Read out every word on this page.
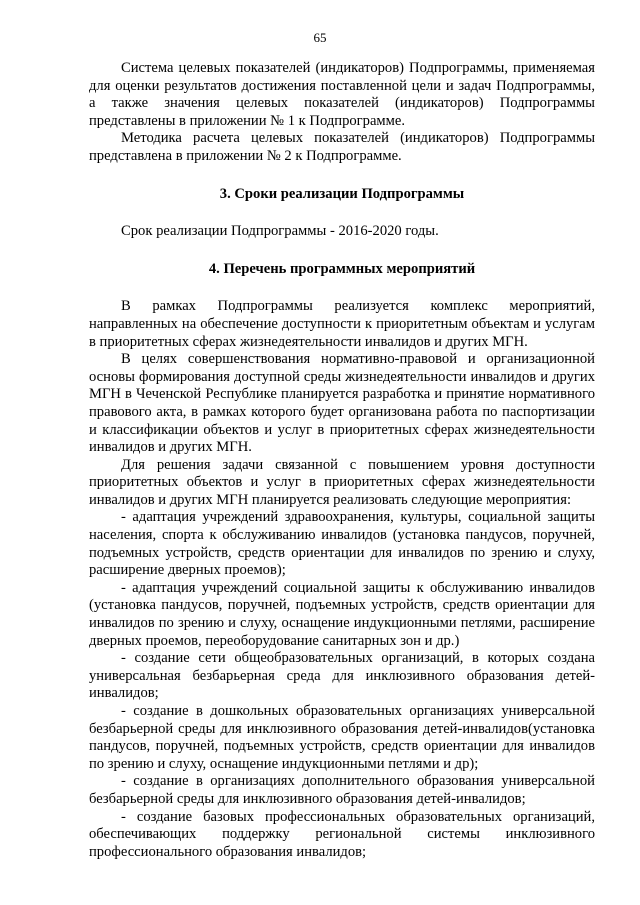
65

Система целевых показателей (индикаторов) Подпрограммы, применяемая для оценки результатов достижения поставленной цели и задач Подпрограммы, а также значения целевых показателей (индикаторов) Подпрограммы представлены в приложении № 1 к Подпрограмме.

Методика расчета целевых показателей (индикаторов) Подпрограммы представлена в приложении № 2 к Подпрограмме.

3. Сроки реализации Подпрограммы

Срок реализации Подпрограммы - 2016-2020 годы.

4. Перечень программных мероприятий

В рамках Подпрограммы реализуется комплекс мероприятий, направленных на обеспечение доступности к приоритетным объектам и услугам в приоритетных сферах жизнедеятельности инвалидов и других МГН.

В целях совершенствования нормативно-правовой и организационной основы формирования доступной среды жизнедеятельности инвалидов и других МГН в Чеченской Республике планируется разработка и принятие нормативного правового акта, в рамках которого будет организована работа по паспортизации и классификации объектов и услуг в приоритетных сферах жизнедеятельности инвалидов и других МГН.

Для решения задачи связанной с повышением уровня доступности приоритетных объектов и услуг в приоритетных сферах жизнедеятельности инвалидов и других МГН планируется реализовать следующие мероприятия:

- адаптация учреждений здравоохранения, культуры, социальной защиты населения, спорта к обслуживанию инвалидов (установка пандусов, поручней, подъемных устройств, средств ориентации для инвалидов по зрению и слуху, расширение дверных проемов);

- адаптация учреждений социальной защиты к обслуживанию инвалидов (установка пандусов, поручней, подъемных устройств, средств ориентации для инвалидов по зрению и слуху, оснащение индукционными петлями, расширение дверных проемов, переоборудование санитарных зон и др.)

- создание сети общеобразовательных организаций, в которых создана универсальная безбарьерная среда для инклюзивного образования детей-инвалидов;

- создание в дошкольных образовательных организациях универсальной безбарьерной среды для инклюзивного образования детей-инвалидов(установка пандусов, поручней, подъемных устройств, средств ориентации для инвалидов по зрению и слуху, оснащение индукционными петлями и др);

- создание в организациях дополнительного образования универсальной безбарьерной среды для инклюзивного образования детей-инвалидов;

- создание базовых профессиональных образовательных организаций, обеспечивающих поддержку региональной системы инклюзивного профессионального образования инвалидов;
